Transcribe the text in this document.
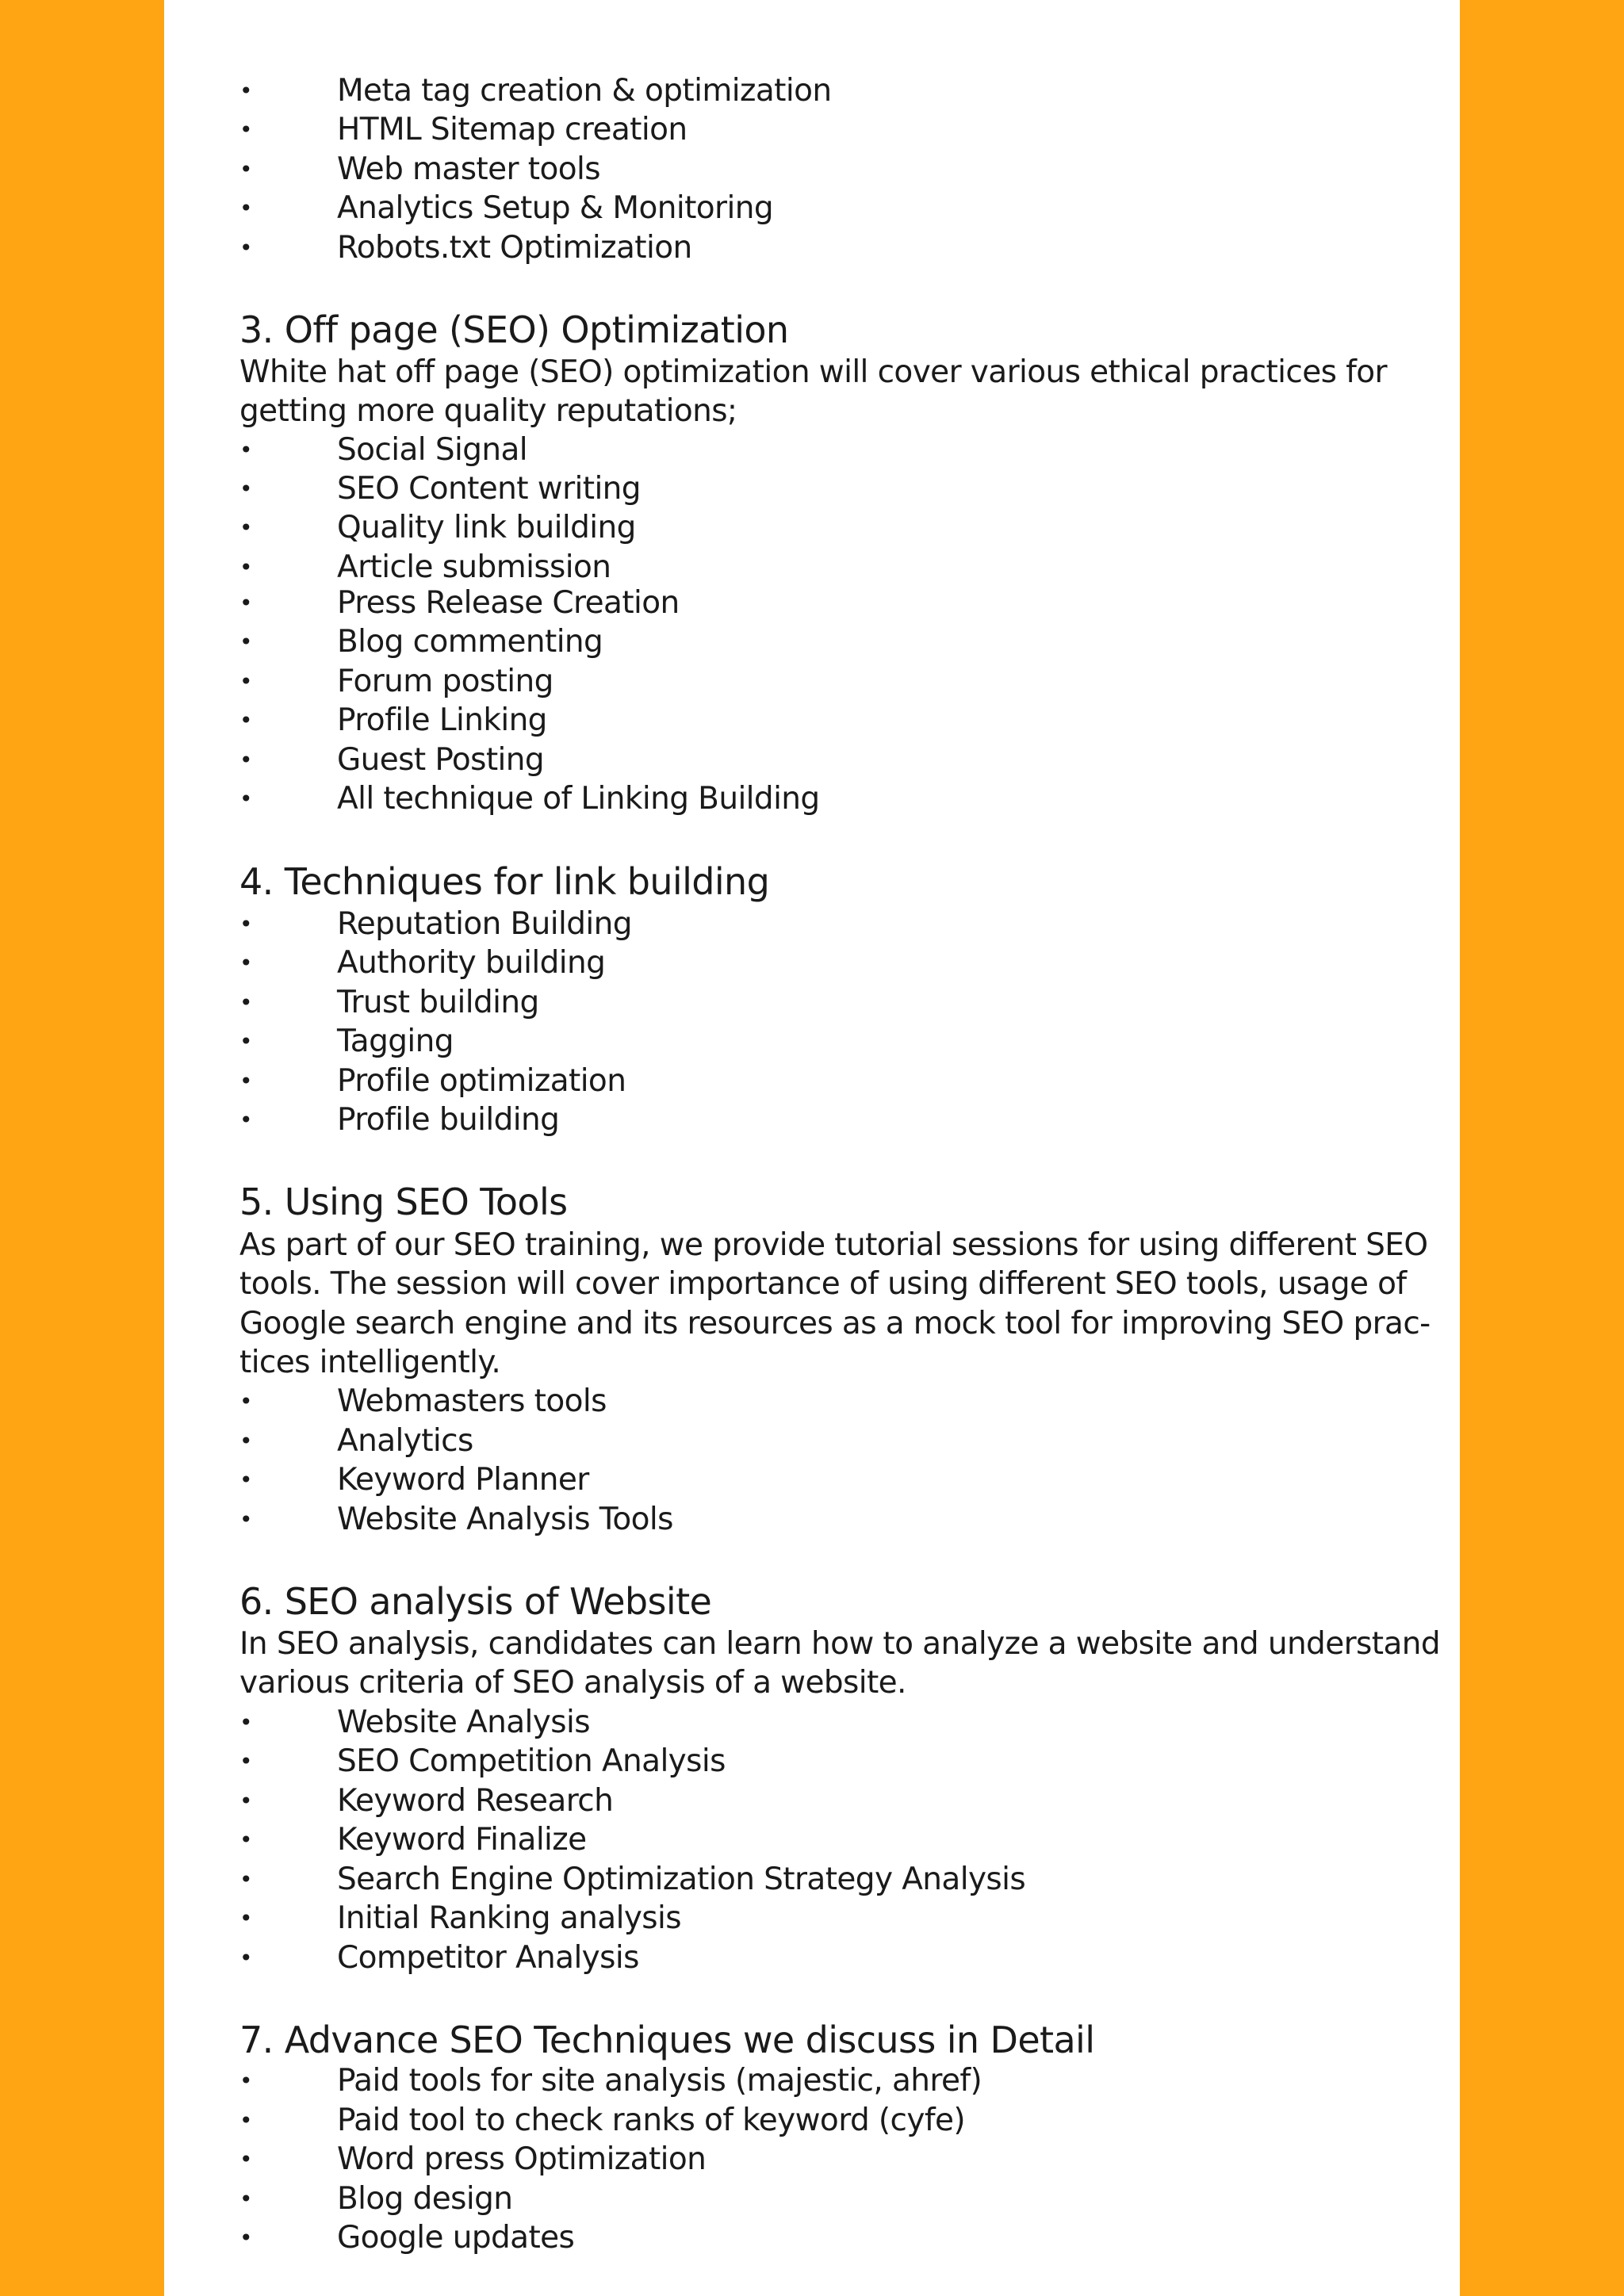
•	Meta tag creation & optimization
•	HTML Sitemap creation
•	Web master tools
•	Analytics Setup & Monitoring
•	Robots.txt Optimization
3. Off page (SEO) Optimization
White hat off page (SEO) optimization will cover various ethical practices for
getting more quality reputations;
•	Social Signal
•	SEO Content writing
•	Quality link building
•	Article submission
•	Press Release Creation
•	Blog commenting
•	Forum posting
•	Profile Linking
•	Guest Posting
•	All technique of Linking Building
4. Techniques for link building
•	Reputation Building
•	Authority building
•	Trust building
•	Tagging
•	Profile optimization
•	Profile building
5. Using SEO Tools
As part of our SEO training, we provide tutorial sessions for using different SEO
tools. The session will cover importance of using different SEO tools, usage of
Google search engine and its resources as a mock tool for improving SEO prac-
tices intelligently.
•	Webmasters tools
•	Analytics
•	Keyword Planner
•	Website Analysis Tools
6. SEO analysis of Website
In SEO analysis, candidates can learn how to analyze a website and understand
various criteria of SEO analysis of a website.
•	Website Analysis
•	SEO Competition Analysis
•	Keyword Research
•	Keyword Finalize
•	Search Engine Optimization Strategy Analysis
•	Initial Ranking analysis
•	Competitor Analysis
7. Advance SEO Techniques we discuss in Detail
•	Paid tools for site analysis (majestic, ahref)
•	Paid tool to check ranks of keyword (cyfe)
•	Word press Optimization
•	Blog design
•	Google updates
